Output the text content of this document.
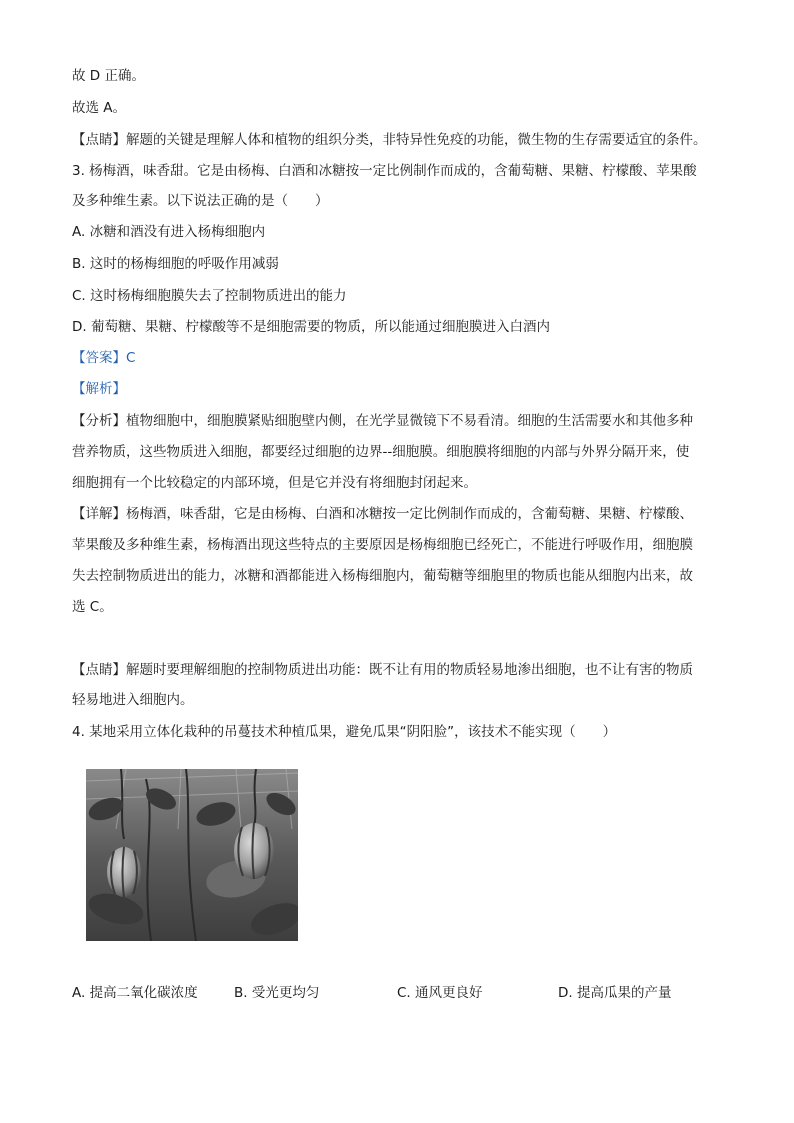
故 D 正确。
故选 A。
【点睛】解题的关键是理解人体和植物的组织分类，非特异性免疫的功能，微生物的生存需要适宜的条件。
3. 杨梅酒，味香甜。它是由杨梅、白酒和冰糖按一定比例制作而成的，含葡萄糖、果糖、柠檬酸、苹果酸
及多种维生素。以下说法正确的是（　　）
A. 冰糖和酒没有进入杨梅细胞内
B. 这时的杨梅细胞的呼吸作用减弱
C. 这时杨梅细胞膜失去了控制物质进出的能力
D. 葡萄糖、果糖、柠檬酸等不是细胞需要的物质，所以能通过细胞膜进入白酒内
【答案】C
【解析】
【分析】植物细胞中，细胞膜紧贴细胞壁内侧，在光学显微镜下不易看清。细胞的生活需要水和其他多种
营养物质，这些物质进入细胞，都要经过细胞的边界--细胞膜。细胞膜将细胞的内部与外界分隔开来，使
细胞拥有一个比较稳定的内部环境，但是它并没有将细胞封闭起来。
【详解】杨梅酒，味香甜，它是由杨梅、白酒和冰糖按一定比例制作而成的，含葡萄糖、果糖、柠檬酸、
苹果酸及多种维生素，杨梅酒出现这些特点的主要原因是杨梅细胞已经死亡，不能进行呼吸作用，细胞膜
失去控制物质进出的能力，冰糖和酒都能进入杨梅细胞内，葡萄糖等细胞里的物质也能从细胞内出来，故
选 C。
【点睛】解题时要理解细胞的控制物质进出功能：既不让有用的物质轻易地渗出细胞，也不让有害的物质
轻易地进入细胞内。
4. 某地采用立体化栽种的吊蔓技术种植瓜果，避免瓜果“阴阳脸”，该技术不能实现（　　）
A. 提高二氧化碳浓度	B. 受光更均匀	C. 通风更良好	D. 提高瓜果的产量
